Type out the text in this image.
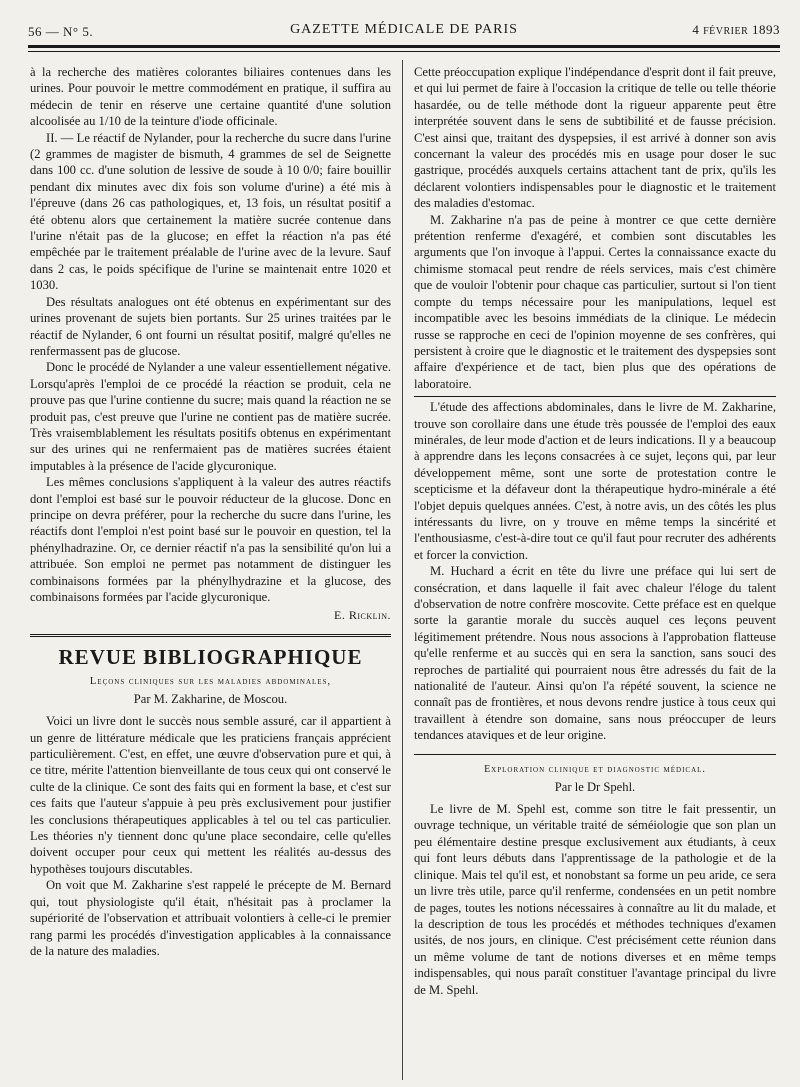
56 — N° 5.	GAZETTE MÉDICALE DE PARIS	4 FÉVRIER 1893

à la recherche des matières colorantes biliaires contenues dans les urines. Pour pouvoir le mettre commodément en pratique, il suffira au médecin de tenir en réserve une certaine quantité d'une solution alcoolisée au 1/10 de la teinture d'iode officinale.

II. — Le réactif de Nylander, pour la recherche du sucre dans l'urine (2 grammes de magister de bismuth, 4 grammes de sel de Seignette dans 100 cc. d'une solution de lessive de soude à 10 0/0; faire bouillir pendant dix minutes avec dix fois son volume d'urine) a été mis à l'épreuve (dans 26 cas pathologiques, et, 13 fois, un résultat positif a été obtenu alors que certainement la matière sucrée contenue dans l'urine n'était pas de la glucose; en effet la réaction n'a pas été empêchée par le traitement préalable de l'urine avec de la levure. Sauf dans 2 cas, le poids spécifique de l'urine se maintenait entre 1020 et 1030.

Des résultats analogues ont été obtenus en expérimentant sur des urines provenant de sujets bien portants. Sur 25 urines traitées par le réactif de Nylander, 6 ont fourni un résultat positif, malgré qu'elles ne renfermassent pas de glucose.

Donc le procédé de Nylander a une valeur essentiellement négative. Lorsqu'après l'emploi de ce procédé la réaction se produit, cela ne prouve pas que l'urine contienne du sucre; mais quand la réaction ne se produit pas, c'est preuve que l'urine ne contient pas de matière sucrée. Très vraisemblablement les résultats positifs obtenus en expérimentant sur des urines qui ne renfermaient pas de matières sucrées étaient imputables à la présence de l'acide glycuronique.

Les mêmes conclusions s'appliquent à la valeur des autres réactifs dont l'emploi est basé sur le pouvoir réducteur de la glucose. Donc en principe on devra préférer, pour la recherche du sucre dans l'urine, les réactifs dont l'emploi n'est point basé sur le pouvoir en question, tel la phénylhadrazine. Or, ce dernier réactif n'a pas la sensibilité qu'on lui a attribuée. Son emploi ne permet pas notamment de distinguer les combinaisons formées par la phénylhydrazine et la glucose, des combinaisons formées par l'acide glycuronique.

E. Ricklin.
REVUE BIBLIOGRAPHIQUE
Leçons cliniques sur les maladies abdominales,
Par M. Zakharine, de Moscou.

Voici un livre dont le succès nous semble assuré, car il appartient à un genre de littérature médicale que les praticiens français apprécient particulièrement. C'est, en effet, une œuvre d'observation pure et qui, à ce titre, mérite l'attention bienveillante de tous ceux qui ont conservé le culte de la clinique. Ce sont des faits qui en forment la base, et c'est sur ces faits que l'auteur s'appuie à peu près exclusivement pour justifier les conclusions thérapeutiques applicables à tel ou tel cas particulier. Les théories n'y tiennent donc qu'une place secondaire, celle qu'elles doivent occuper pour ceux qui mettent les réalités au-dessus des hypothèses toujours discutables.

On voit que M. Zakharine s'est rappelé le précepte de M. Bernard qui, tout physiologiste qu'il était, n'hésitait pas à proclamer la supériorité de l'observation et attribuait volontiers à celle-ci le premier rang parmi les procédés d'investigation applicables à la connaissance de la nature des maladies.

Cette préoccupation explique l'indépendance d'esprit dont il fait preuve, et qui lui permet de faire à l'occasion la critique de telle ou telle théorie hasardée, ou de telle méthode dont la rigueur apparente peut être interprétée souvent dans le sens de subtibilité et de fausse précision. C'est ainsi que, traitant des dyspepsies, il est arrivé à donner son avis concernant la valeur des procédés mis en usage pour doser le suc gastrique, procédés auxquels certains attachent tant de prix, qu'ils les déclarent volontiers indispensables pour le diagnostic et le traitement des maladies d'estomac.

M. Zakharine n'a pas de peine à montrer ce que cette dernière prétention renferme d'exagéré, et combien sont discutables les arguments que l'on invoque à l'appui. Certes la connaissance exacte du chimisme stomacal peut rendre de réels services, mais c'est chimère que de vouloir l'obtenir pour chaque cas particulier, surtout si l'on tient compte du temps nécessaire pour les manipulations, lequel est incompatible avec les besoins immédiats de la clinique. Le médecin russe se rapproche en ceci de l'opinion moyenne de ses confrères, qui persistent à croire que le diagnostic et le traitement des dyspepsies sont affaire d'expérience et de tact, bien plus que des opérations de laboratoire.

L'étude des affections abdominales, dans le livre de M. Zakharine, trouve son corollaire dans une étude très poussée de l'emploi des eaux minérales, de leur mode d'action et de leurs indications. Il y a beaucoup à apprendre dans les leçons consacrées à ce sujet, leçons qui, par leur développement même, sont une sorte de protestation contre le scepticisme et la défaveur dont la thérapeutique hydro-minérale a été l'objet depuis quelques années. C'est, à notre avis, un des côtés les plus intéressants du livre, on y trouve en même temps la sincérité et l'enthousiasme, c'est-à-dire tout ce qu'il faut pour recruter des adhérents et forcer la conviction.

M. Huchard a écrit en tête du livre une préface qui lui sert de consécration, et dans laquelle il fait avec chaleur l'éloge du talent d'observation de notre confrère moscovite. Cette préface est en quelque sorte la garantie morale du succès auquel ces leçons peuvent légitimement prétendre. Nous nous associons à l'approbation flatteuse qu'elle renferme et au succès qui en sera la sanction, sans souci des reproches de partialité qui pourraient nous être adressés du fait de la nationalité de l'auteur. Ainsi qu'on l'a répété souvent, la science ne connaît pas de frontières, et nous devons rendre justice à tous ceux qui travaillent à étendre son domaine, sans nous préoccuper de leurs tendances ataviques et de leur origine.

Exploration clinique et diagnostic médical.
Par le Dr Spehl.

Le livre de M. Spehl est, comme son titre le fait pressentir, un ouvrage technique, un véritable traité de séméiologie que son plan un peu élémentaire destine presque exclusivement aux étudiants, à ceux qui font leurs débuts dans l'apprentissage de la pathologie et de la clinique. Mais tel qu'il est, et nonobstant sa forme un peu aride, ce sera un livre très utile, parce qu'il renferme, condensées en un petit nombre de pages, toutes les notions nécessaires à connaître au lit du malade, et la description de tous les procédés et méthodes techniques d'examen usités, de nos jours, en clinique. C'est précisément cette réunion dans un même volume de tant de notions diverses et en même temps indispensables, qui nous paraît constituer l'avantage principal du livre de M. Spehl.
